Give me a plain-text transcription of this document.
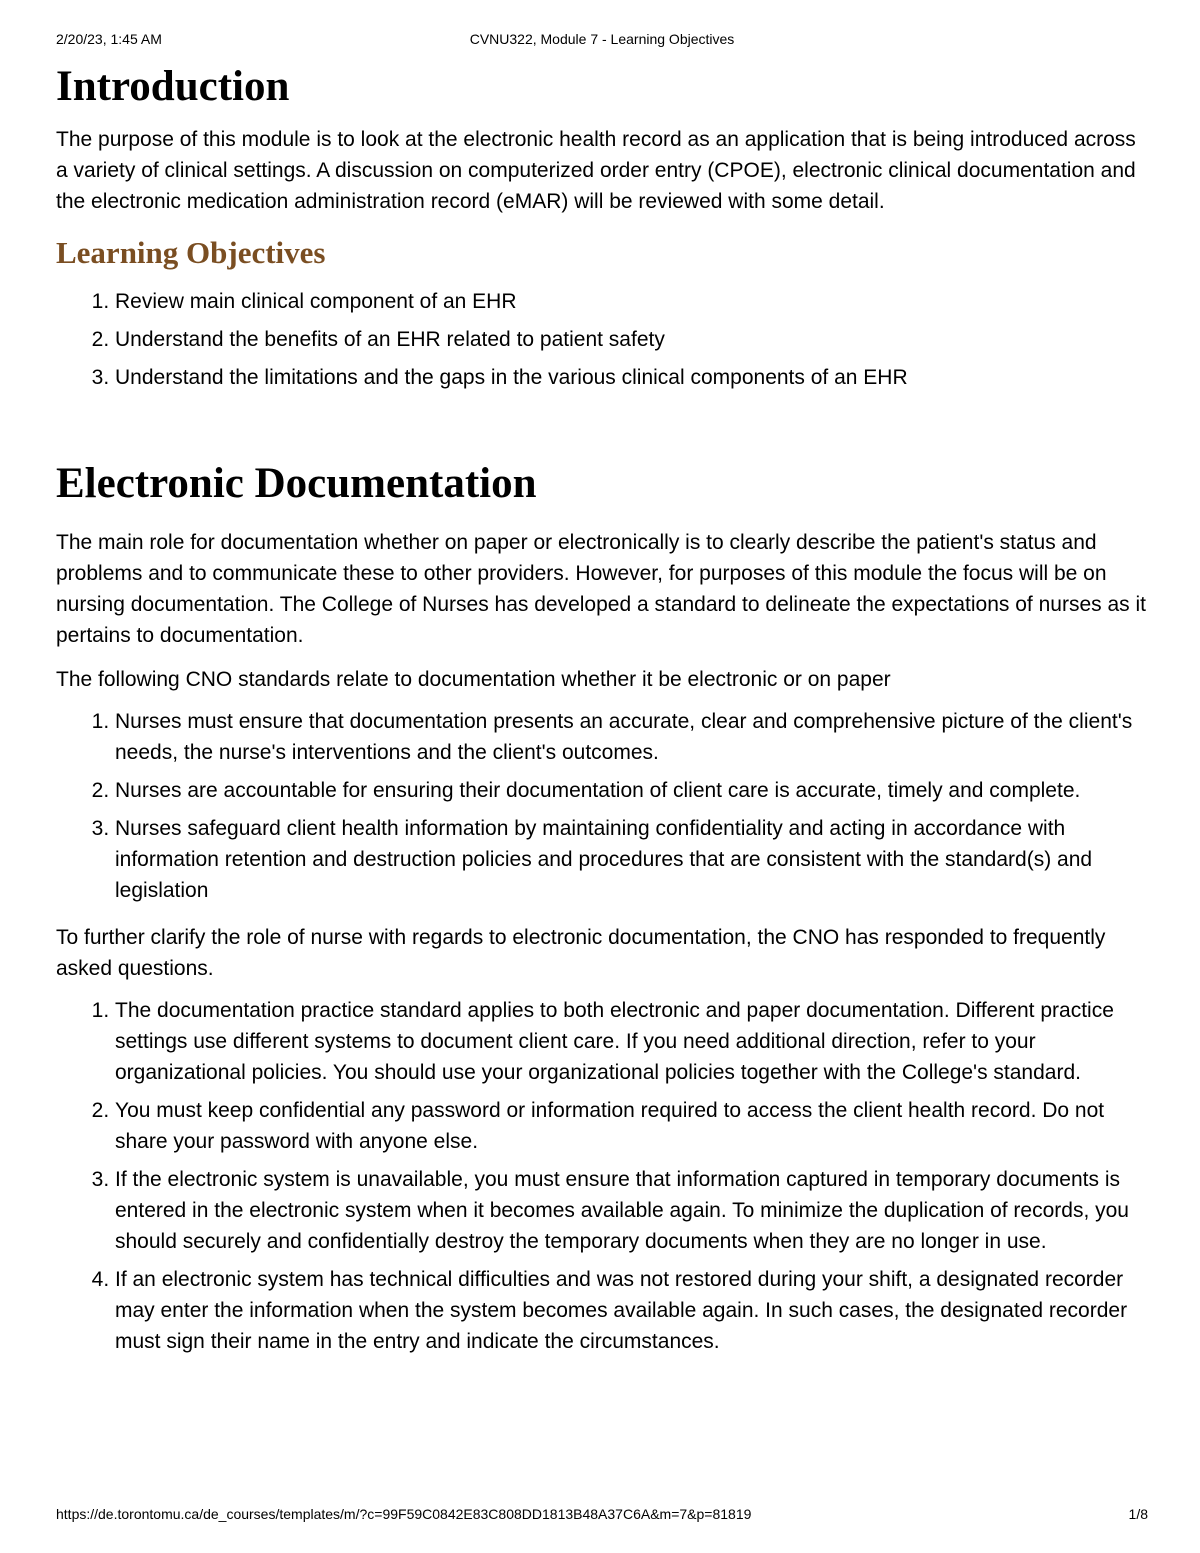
2/20/23, 1:45 AM	CVNU322, Module 7 - Learning Objectives
Introduction

The purpose of this module is to look at the electronic health record as an application that is being introduced across a variety of clinical settings. A discussion on computerized order entry (CPOE), electronic clinical documentation and the electronic medication administration record (eMAR) will be reviewed with some detail.

Learning Objectives
1. Review main clinical component of an EHR
2. Understand the benefits of an EHR related to patient safety
3. Understand the limitations and the gaps in the various clinical components of an EHR
Electronic Documentation

The main role for documentation whether on paper or electronically is to clearly describe the patient's status and problems and to communicate these to other providers. However, for purposes of this module the focus will be on nursing documentation. The College of Nurses has developed a standard to delineate the expectations of nurses as it pertains to documentation.

The following CNO standards relate to documentation whether it be electronic or on paper

1. Nurses must ensure that documentation presents an accurate, clear and comprehensive picture of the client's needs, the nurse's interventions and the client's outcomes.
2. Nurses are accountable for ensuring their documentation of client care is accurate, timely and complete.
3. Nurses safeguard client health information by maintaining confidentiality and acting in accordance with information retention and destruction policies and procedures that are consistent with the standard(s) and legislation

To further clarify the role of nurse with regards to electronic documentation, the CNO has responded to frequently asked questions.

1. The documentation practice standard applies to both electronic and paper documentation. Different practice settings use different systems to document client care. If you need additional direction, refer to your organizational policies. You should use your organizational policies together with the College's standard.
2. You must keep confidential any password or information required to access the client health record. Do not share your password with anyone else.
3. If the electronic system is unavailable, you must ensure that information captured in temporary documents is entered in the electronic system when it becomes available again. To minimize the duplication of records, you should securely and confidentially destroy the temporary documents when they are no longer in use.
4. If an electronic system has technical difficulties and was not restored during your shift, a designated recorder may enter the information when the system becomes available again. In such cases, the designated recorder must sign their name in the entry and indicate the circumstances.
https://de.torontomu.ca/de_courses/templates/m/?c=99F59C0842E83C808DD1813B48A37C6A&m=7&p=81819	1/8
